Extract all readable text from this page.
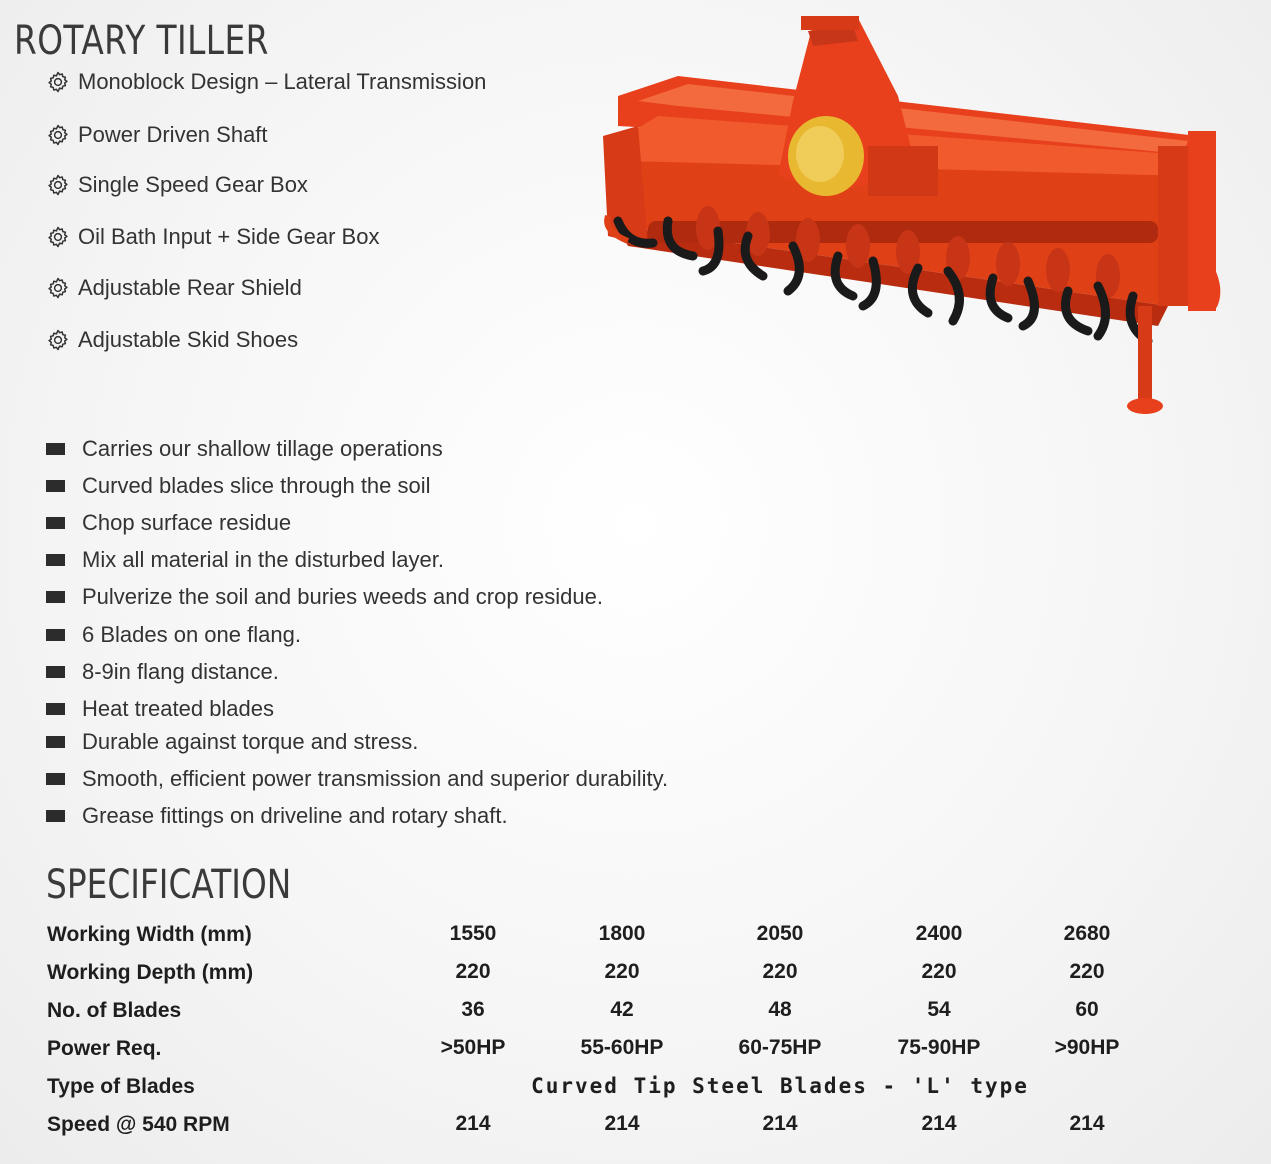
ROTARY TILLER
Monoblock Design – Lateral Transmission
Power Driven Shaft
Single Speed Gear Box
Oil Bath Input + Side Gear Box
Adjustable Rear Shield
Adjustable Skid Shoes
Carries our shallow tillage operations
Curved blades slice through the soil
Chop surface residue
Mix all material in the disturbed layer.
Pulverize the soil and buries weeds and crop residue.
6 Blades on one flang.
8-9in flang distance.
Heat treated blades
Durable against torque and stress.
Smooth, efficient power transmission and superior durability.
Grease fittings on driveline and rotary shaft.
SPECIFICATION
Working Width (mm)	1550	1800	2050	2400	2680
Working Depth (mm)	220	220	220	220	220
No. of Blades	36	42	48	54	60
Power Req.	>50HP	55-60HP	60-75HP	75-90HP	>90HP
Type of Blades	Curved Tip Steel Blades - 'L' type
Speed @ 540 RPM	214	214	214	214	214
